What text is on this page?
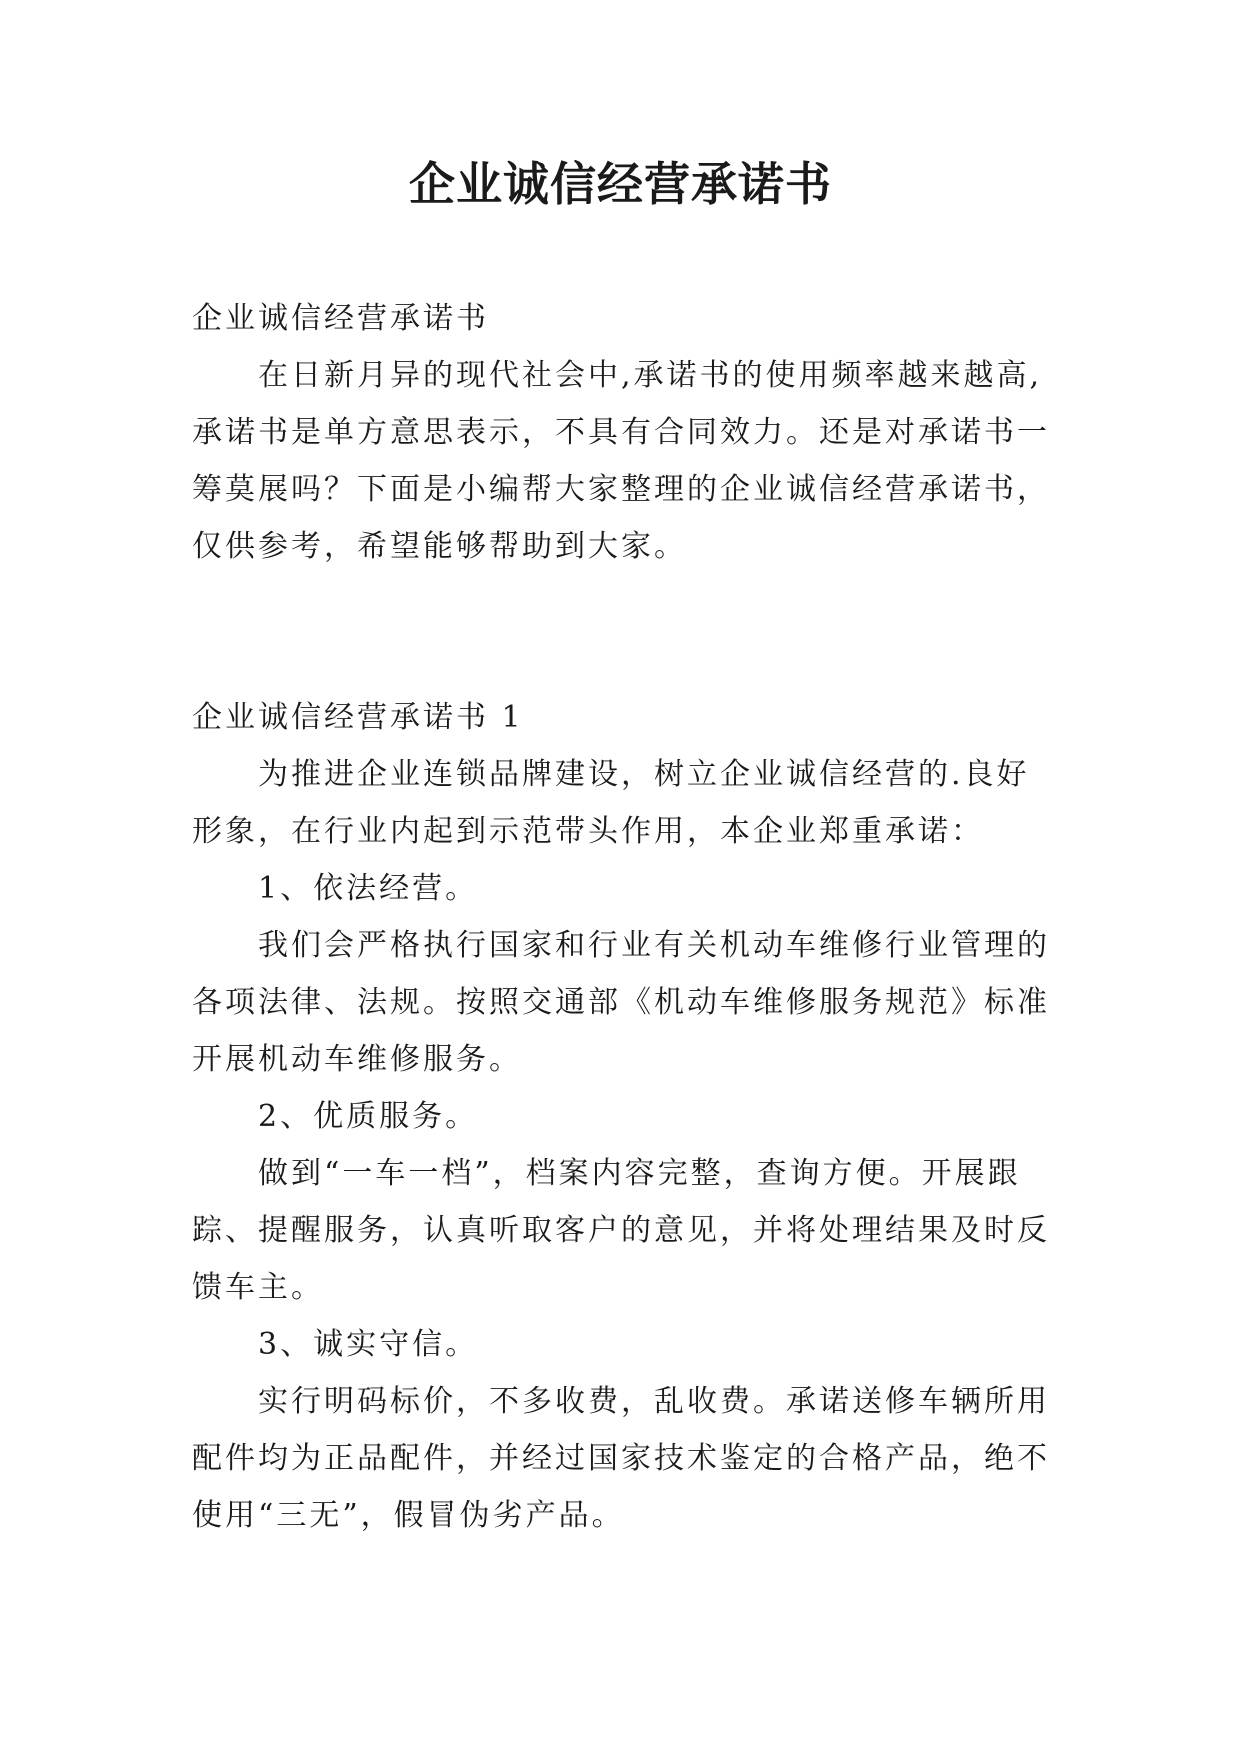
企业诚信经营承诺书

企业诚信经营承诺书

在日新月异的现代社会中,承诺书的使用频率越来越高,承诺书是单方意思表示，不具有合同效力。还是对承诺书一筹莫展吗？下面是小编帮大家整理的企业诚信经营承诺书，仅供参考，希望能够帮助到大家。

企业诚信经营承诺书 1

为推进企业连锁品牌建设，树立企业诚信经营的.良好形象，在行业内起到示范带头作用，本企业郑重承诺：

1、依法经营。

我们会严格执行国家和行业有关机动车维修行业管理的各项法律、法规。按照交通部《机动车维修服务规范》标准开展机动车维修服务。

2、优质服务。

做到“一车一档”，档案内容完整，查询方便。开展跟踪、提醒服务，认真听取客户的意见，并将处理结果及时反馈车主。

3、诚实守信。

实行明码标价，不多收费，乱收费。承诺送修车辆所用配件均为正品配件，并经过国家技术鉴定的合格产品，绝不使用“三无”，假冒伪劣产品。
